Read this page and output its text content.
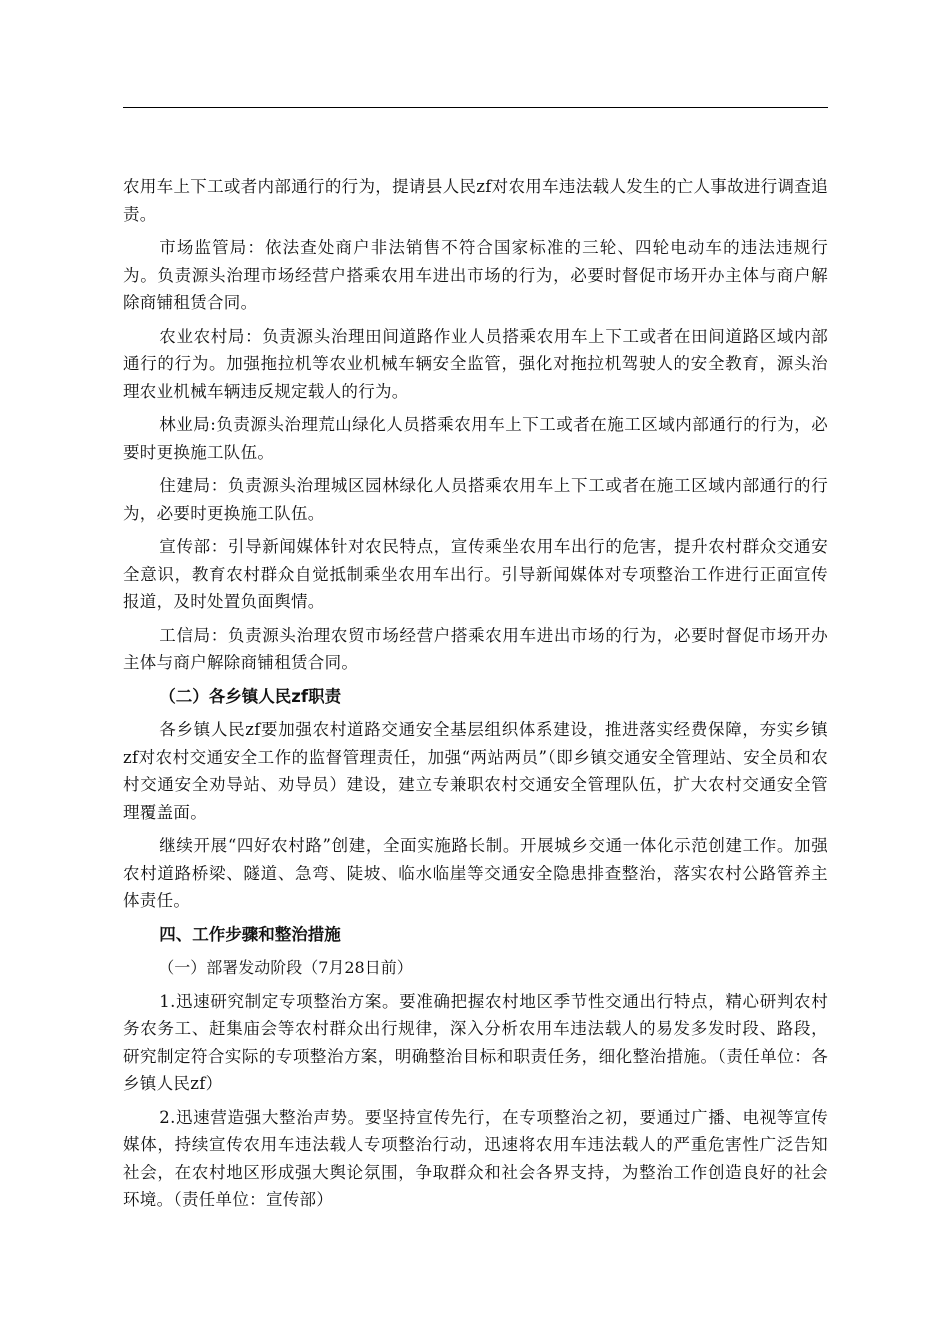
农用车上下工或者内部通行的行为，提请县人民zf对农用车违法载人发生的亡人事故进行调查追责。

市场监管局：依法查处商户非法销售不符合国家标准的三轮、四轮电动车的违法违规行为。负责源头治理市场经营户搭乘农用车进出市场的行为，必要时督促市场开办主体与商户解除商铺租赁合同。

农业农村局：负责源头治理田间道路作业人员搭乘农用车上下工或者在田间道路区域内部通行的行为。加强拖拉机等农业机械车辆安全监管，强化对拖拉机驾驶人的安全教育，源头治理农业机械车辆违反规定载人的行为。

林业局:负责源头治理荒山绿化人员搭乘农用车上下工或者在施工区域内部通行的行为，必要时更换施工队伍。

住建局：负责源头治理城区园林绿化人员搭乘农用车上下工或者在施工区域内部通行的行为，必要时更换施工队伍。

宣传部：引导新闻媒体针对农民特点，宣传乘坐农用车出行的危害，提升农村群众交通安全意识，教育农村群众自觉抵制乘坐农用车出行。引导新闻媒体对专项整治工作进行正面宣传报道，及时处置负面舆情。

工信局：负责源头治理农贸市场经营户搭乘农用车进出市场的行为，必要时督促市场开办主体与商户解除商铺租赁合同。

（二）各乡镇人民zf职责

各乡镇人民zf要加强农村道路交通安全基层组织体系建设，推进落实经费保障，夯实乡镇zf对农村交通安全工作的监督管理责任，加强“两站两员”（即乡镇交通安全管理站、安全员和农村交通安全劝导站、劝导员）建设，建立专兼职农村交通安全管理队伍，扩大农村交通安全管理覆盖面。

继续开展“四好农村路”创建，全面实施路长制。开展城乡交通一体化示范创建工作。加强农村道路桥梁、隧道、急弯、陡坡、临水临崖等交通安全隐患排查整治，落实农村公路管养主体责任。

四、工作步骤和整治措施

（一）部署发动阶段（7月28日前）

1.迅速研究制定专项整治方案。要准确把握农村地区季节性交通出行特点，精心研判农村务农务工、赶集庙会等农村群众出行规律，深入分析农用车违法载人的易发多发时段、路段，研究制定符合实际的专项整治方案，明确整治目标和职责任务，细化整治措施。（责任单位：各乡镇人民zf）

2.迅速营造强大整治声势。要坚持宣传先行，在专项整治之初，要通过广播、电视等宣传媒体，持续宣传农用车违法载人专项整治行动，迅速将农用车违法载人的严重危害性广泛告知社会，在农村地区形成强大舆论氛围，争取群众和社会各界支持，为整治工作创造良好的社会环境。（责任单位：宣传部）
